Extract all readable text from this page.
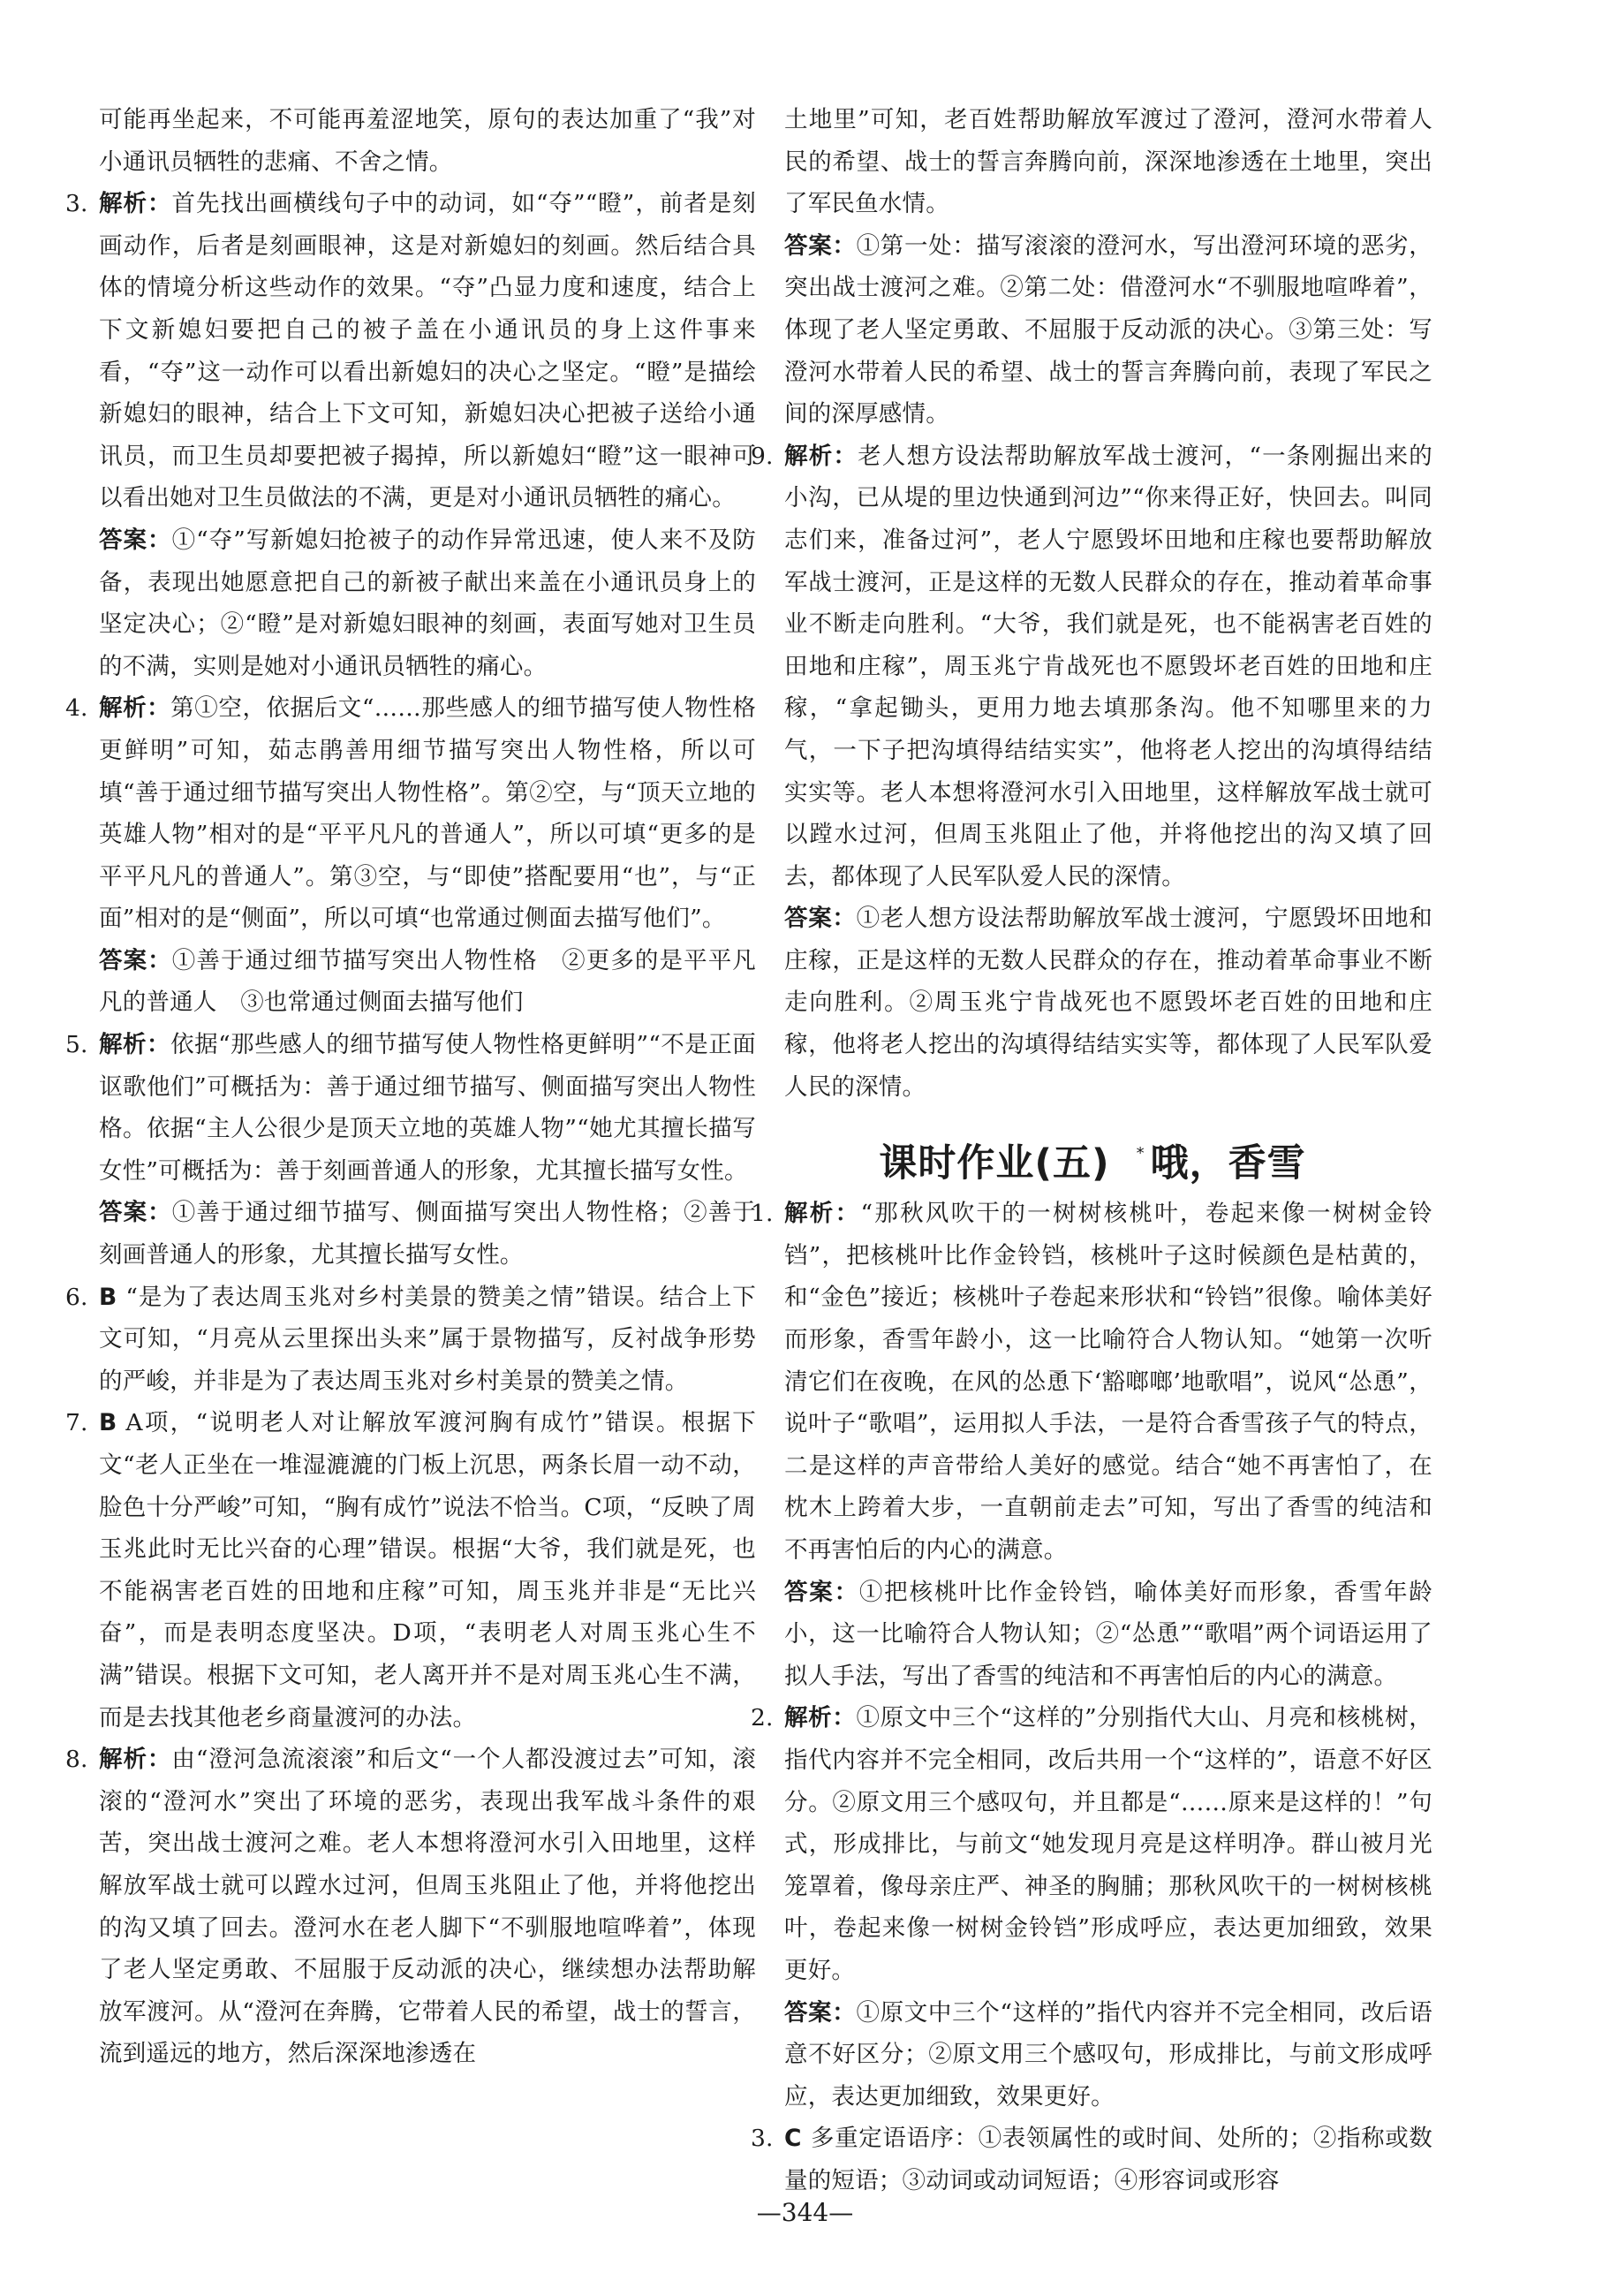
可能再坐起来，不可能再羞涩地笑，原句的表达加重了“我”对小通讯员牺牲的悲痛、不舍之情。

3. 解析：首先找出画横线句子中的动词，如“夺”“瞪”，前者是刻画动作，后者是刻画眼神，这是对新媳妇的刻画。然后结合具体的情境分析这些动作的效果。“夺”凸显力度和速度，结合上下文新媳妇要把自己的被子盖在小通讯员的身上这件事来看，“夺”这一动作可以看出新媳妇的决心之坚定。“瞪”是描绘新媳妇的眼神，结合上下文可知，新媳妇决心把被子送给小通讯员，而卫生员却要把被子揭掉，所以新媳妇“瞪”这一眼神可以看出她对卫生员做法的不满，更是对小通讯员牺牲的痛心。

答案：①“夺”写新媳妇抢被子的动作异常迅速，使人来不及防备，表现出她愿意把自己的新被子献出来盖在小通讯员身上的坚定决心；②“瞪”是对新媳妇眼神的刻画，表面写她对卫生员的不满，实则是她对小通讯员牺牲的痛心。

4. 解析：第①空，依据后文“……那些感人的细节描写使人物性格更鲜明”可知，茹志鹃善用细节描写突出人物性格，所以可填“善于通过细节描写突出人物性格”。第②空，与“顶天立地的英雄人物”相对的是“平平凡凡的普通人”，所以可填“更多的是平平凡凡的普通人”。第③空，与“即使”搭配要用“也”，与“正面”相对的是“侧面”，所以可填“也常通过侧面去描写他们”。

答案：①善于通过细节描写突出人物性格　②更多的是平平凡凡的普通人　③也常通过侧面去描写他们

5. 解析：依据“那些感人的细节描写使人物性格更鲜明”“不是正面讴歌他们”可概括为：善于通过细节描写、侧面描写突出人物性格。依据“主人公很少是顶天立地的英雄人物”“她尤其擅长描写女性”可概括为：善于刻画普通人的形象，尤其擅长描写女性。

答案：①善于通过细节描写、侧面描写突出人物性格；②善于刻画普通人的形象，尤其擅长描写女性。

6. B “是为了表达周玉兆对乡村美景的赞美之情”错误。结合上下文可知，“月亮从云里探出头来”属于景物描写，反衬战争形势的严峻，并非是为了表达周玉兆对乡村美景的赞美之情。

7. B A项，“说明老人对让解放军渡河胸有成竹”错误。根据下文“老人正坐在一堆湿漉漉的门板上沉思，两条长眉一动不动，脸色十分严峻”可知，“胸有成竹”说法不恰当。C项，“反映了周玉兆此时无比兴奋的心理”错误。根据“大爷，我们就是死，也不能祸害老百姓的田地和庄稼”可知，周玉兆并非是“无比兴奋”，而是表明态度坚决。D项，“表明老人对周玉兆心生不满”错误。根据下文可知，老人离开并不是对周玉兆心生不满，而是去找其他老乡商量渡河的办法。

8. 解析：由“澄河急流滚滚”和后文“一个人都没渡过去”可知，滚滚的“澄河水”突出了环境的恶劣，表现出我军战斗条件的艰苦，突出战士渡河之难。老人本想将澄河水引入田地里，这样解放军战士就可以蹚水过河，但周玉兆阻止了他，并将他挖出的沟又填了回去。澄河水在老人脚下“不驯服地喧哗着”，体现了老人坚定勇敢、不屈服于反动派的决心，继续想办法帮助解放军渡河。从“澄河在奔腾，它带着人民的希望，战士的誓言，流到遥远的地方，然后深深地渗透在

土地里”可知，老百姓帮助解放军渡过了澄河，澄河水带着人民的希望、战士的誓言奔腾向前，深深地渗透在土地里，突出了军民鱼水情。

答案：①第一处：描写滚滚的澄河水，写出澄河环境的恶劣，突出战士渡河之难。②第二处：借澄河水“不驯服地喧哗着”，体现了老人坚定勇敢、不屈服于反动派的决心。③第三处：写澄河水带着人民的希望、战士的誓言奔腾向前，表现了军民之间的深厚感情。

9. 解析：老人想方设法帮助解放军战士渡河，“一条刚掘出来的小沟，已从堤的里边快通到河边”“你来得正好，快回去。叫同志们来，准备过河”，老人宁愿毁坏田地和庄稼也要帮助解放军战士渡河，正是这样的无数人民群众的存在，推动着革命事业不断走向胜利。“大爷，我们就是死，也不能祸害老百姓的田地和庄稼”，周玉兆宁肯战死也不愿毁坏老百姓的田地和庄稼，“拿起锄头，更用力地去填那条沟。他不知哪里来的力气，一下子把沟填得结结实实”，他将老人挖出的沟填得结结实实等。老人本想将澄河水引入田地里，这样解放军战士就可以蹚水过河，但周玉兆阻止了他，并将他挖出的沟又填了回去，都体现了人民军队爱人民的深情。

答案：①老人想方设法帮助解放军战士渡河，宁愿毁坏田地和庄稼，正是这样的无数人民群众的存在，推动着革命事业不断走向胜利。②周玉兆宁肯战死也不愿毁坏老百姓的田地和庄稼，他将老人挖出的沟填得结结实实等，都体现了人民军队爱人民的深情。

课时作业(五) * 哦，香雪

1. 解析：“那秋风吹干的一树树核桃叶，卷起来像一树树金铃铛”，把核桃叶比作金铃铛，核桃叶子这时候颜色是枯黄的，和“金色”接近；核桃叶子卷起来形状和“铃铛”很像。喻体美好而形象，香雪年龄小，这一比喻符合人物认知。“她第一次听清它们在夜晚，在风的怂恿下‘豁啷啷’地歌唱”，说风“怂恿”，说叶子“歌唱”，运用拟人手法，一是符合香雪孩子气的特点，二是这样的声音带给人美好的感觉。结合“她不再害怕了，在枕木上跨着大步，一直朝前走去”可知，写出了香雪的纯洁和不再害怕后的内心的满意。

答案：①把核桃叶比作金铃铛，喻体美好而形象，香雪年龄小，这一比喻符合人物认知；②“怂恿”“歌唱”两个词语运用了拟人手法，写出了香雪的纯洁和不再害怕后的内心的满意。

2. 解析：①原文中三个“这样的”分别指代大山、月亮和核桃树，指代内容并不完全相同，改后共用一个“这样的”，语意不好区分。②原文用三个感叹句，并且都是“……原来是这样的！”句式，形成排比，与前文“她发现月亮是这样明净。群山被月光笼罩着，像母亲庄严、神圣的胸脯；那秋风吹干的一树树核桃叶，卷起来像一树树金铃铛”形成呼应，表达更加细致，效果更好。

答案：①原文中三个“这样的”指代内容并不完全相同，改后语意不好区分；②原文用三个感叹句，形成排比，与前文形成呼应，表达更加细致，效果更好。

3. C 多重定语语序：①表领属性的或时间、处所的；②指称或数量的短语；③动词或动词短语；④形容词或形容

—344—
